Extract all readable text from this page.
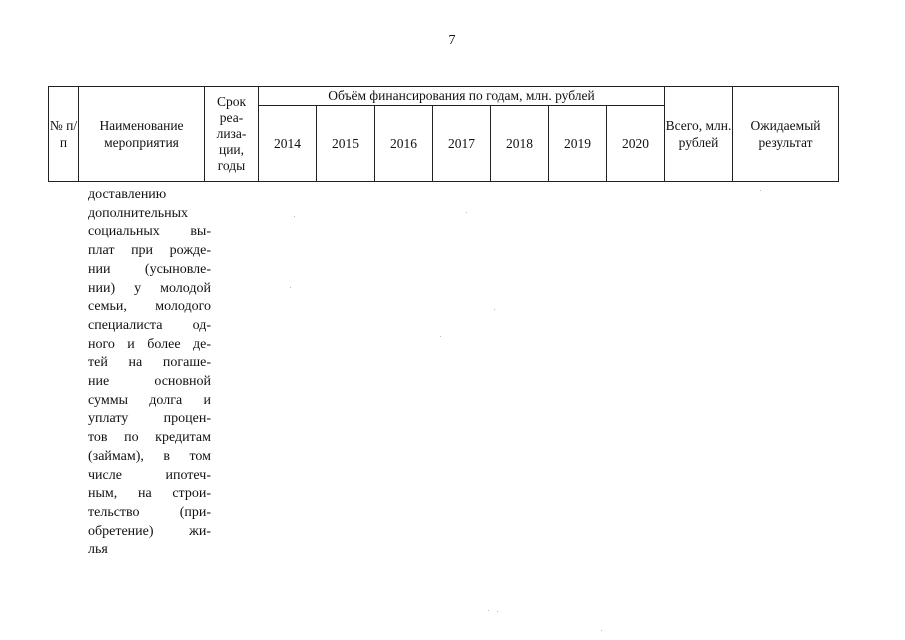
7
№ п/п	Наименование мероприятия	Срок реа-лиза-ции, годы	Объём финансирования по годам, млн. рублей							Всего, млн. рублей	Ожидаемый результат
			2014	2015	2016	2017	2018	2019	2020		
доставлению
дополнительных
социальных вы-
плат при рожде-
нии (усыновле-
нии) у молодой
семьи, молодого
специалиста од-
ного и более де-
тей на погаше-
ние основной
суммы долга и
уплату процен-
тов по кредитам
(займам), в том
числе ипотеч-
ным, на строи-
тельство (при-
обретение) жи-
лья
